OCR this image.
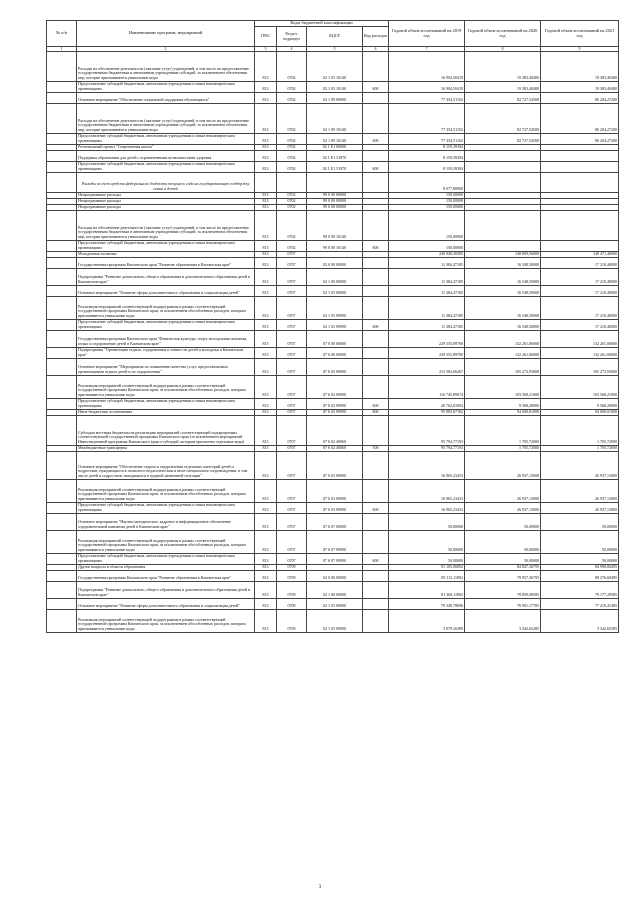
№ п/п	Наименование программ, мероприятий	Коды бюджетной классификации				Годовой объем ассигнований на 2019 год	Годовой объем ассигнований на 2020 год	Годовой объем ассигнований на 2021 год
		ГРБС	Раздел, подраздел	КЦСР	Вид расходов			
1	2	3	4	5	6	7	8	9
	Расходы на обеспечение деятельности (оказание услуг) учреждений, в том числе на предоставление государственным бюджетным и автономным учреждениям субсидий, за исключением обеспечения мер, которые присваиваются уникальные коды	813	0702	02 1 03 10140		16 904,50419	19 383,40400	19 383,40400
	Предоставление субсидий бюджетным, автономным учреждениям и иным некоммерческим организациям	813	0702	02 1 03 10140	600	16 904,50419	19 383,40400	19 383,40400
	Основное мероприятие "Обеспечение социальной поддержки обучающихся"	813	0702	02 1 09 00000		77 354,51102	82 727,54500	86 204,27200
	Расходы на обеспечение деятельности (оказание услуг) учреждений, в том числе на предоставление государственным бюджетным и автономным учреждениям субсидий, за исключением обеспечения мер, которые присваиваются уникальные коды	813	0702	02 1 09 10140		77 354,51102	82 727,54500	86 204,27200
	Предоставление субсидий бюджетным, автономным учреждениям и иным некоммерческим организациям	813	0702	02 1 09 10140	600	77 354,51102	82 727,54500	86 204,27200
	Региональный проект "Современная школа"	813	0702	02 1 E1 00000		8 159,39394		
	Поддержка образования для детей с ограниченными возможностями здоровья	813	0702	02 1 E1 51870		8 159,39394		
	Предоставление субсидий бюджетным, автономным учреждениям и иным некоммерческим организациям	813	0702	02 1 E1 51870	600	8 159,39394		
	Расходы за счет средств федерального бюджета текущего года на государственную поддержку семьи и детей					8 077,80000		
	Непрограммные расходы	813	0702	99 0 00 00000		150,00000		
	Непрограммные расходы	813	0702	99 0 00 00000		150,00000		
	Непрограммные расходы	813	0702	99 0 00 00000		150,00000		
	Расходы на обеспечение деятельности (оказание услуг) учреждений, в том числе на предоставление государственным бюджетным и автономным учреждениям субсидий, за исключением обеспечения мер, которые присваиваются уникальные коды	813	0702	99 0 00 10140		150,00000		
	Предоставление субсидий бюджетным, автономным учреждениям и иным некоммерческим организациям	813	0702	99 0 00 10140	600	150,00000		
	Молодежная политика	813	0707			240 940,36585	148 809,56000	149 471,46000
	Государственная программа Камчатского края "Развитие образования в Камчатском крае"	813	0707	02 0 00 00000		11 384,47185	16 548,50000	17 210,40000
	Подпрограмма "Развитие дошкольного, общего образования и дополнительного образования детей в Камчатском крае"	813	0707	02 1 00 00000		11 384,47185	16 548,50000	17 210,40000
	Основное мероприятие "Развитие сферы дополнительного образования и социализация детей"	813	0707	02 1 03 00000		11 384,47185	16 548,50000	17 210,40000
	Реализация мероприятий соответствующей подпрограммы в рамках соответствующей государственной программы Камчатского края, за исключением обособленных расходов, которым присваиваются уникальные коды	813	0707	02 1 03 09990		11 384,47185	16 548,50000	17 210,40000
	Предоставление субсидий бюджетным, автономным учреждениям и иным некоммерческим организациям	813	0707	02 1 03 09990	600	11 384,47185	16 548,50000	17 210,40000
	Государственная программа Камчатского края "Физическая культура, спорт, молодежная политика, отдых и оздоровление детей в Камчатском крае"	813	0707	07 0 00 00000		229 555,89700	132 261,06000	132 261,06000
	Подпрограмма "Организация отдыха, оздоровления и занятости детей и молодежи в Камчатском крае"	813	0707	07 6 00 00000		229 555,89700	132 261,06000	132 261,06000
	Основное мероприятие "Мероприятия по повышению качества услуг, предоставляемых организациями отдыха детей и их оздоровления"	813	0707	07 6 02 00000		213 582,66267	105 273,93000	105 273,93000
	Реализация мероприятий соответствующей подпрограммы в рамках соответствующей государственной программы Камчатского края, за исключением обособленных расходов, которым присваиваются уникальные коды	813	0707	07 6 02 09990		116 745,89074	103 568,21000	103 568,21000
	Предоставление субсидий бюджетным, автономным учреждениям и иным некоммерческим организациям	813	0707	07 6 02 09990	600	20 762,01894	9 568,20000	9 568,20000
	Иные бюджетные ассигнования	813	0707	07 6 02 09990	800	95 983,67182	94 000,01000	94 000,01000
	Субсидии местным бюджетам на реализацию мероприятий соответствующей подпрограммы соответствующей государственной программы Камчатского края (за исключением мероприятий Инвестиционной программы Камчатского края и субсидий, которым присвоены отдельные коды)	813	0707	07 6 02 40060		95 794,77193	1 705,72000	1 705,72000
	Межбюджетные трансферты	813	0707	07 6 02 40060	500	95 794,77193	1 705,72000	1 705,72000
	Основное мероприятие "Обеспечение отдыха и оздоровления отдельных категорий детей и подростков, нуждающихся в психолого-педагогическом и иное специальном сопровождении, в том числе детей и подростков, находящихся в трудной жизненной ситуации"	813	0707	07 6 03 00000		16 965,23433	26 937,13000	26 937,13000
	Реализация мероприятий соответствующей подпрограммы в рамках соответствующей государственной программы Камчатского края, за исключением обособленных расходов, которым присваиваются уникальные коды	813	0707	07 6 03 09990		16 965,23433	26 937,13000	26 937,13000
	Предоставление субсидий бюджетным, автономным учреждениям и иным некоммерческим организациям	813	0707	07 6 03 09990	600	16 965,23433	26 937,13000	26 937,13000
	Основное мероприятие "Научно-методическое, кадровое и информационное обеспечение оздоровительной кампании детей в Камчатском крае"	813	0707	07 6 07 00000		50,00000	50,00000	50,00000
	Реализация мероприятий соответствующей подпрограммы в рамках соответствующей государственной программы Камчатского края, за исключением обособленных расходов, которым присваиваются уникальные коды	813	0707	07 6 07 09990		50,00000	50,00000	50,00000
	Предоставление субсидий бюджетным, автономным учреждениям и иным некоммерческим организациям	813	0707	07 6 07 09990	600	50,00000	50,00000	50,00000
	Другие вопросы в области образования	813	0709			91 105,06892	84 847,36795	84 998,06495
	Государственная программа Камчатского края "Развитие образования в Камчатском крае"	813	0709	02 0 00 00000		85 113,11892	79 957,36795	80 276,60495
	Подпрограмма "Развитие дошкольного, общего образования и дополнительного образования детей в Камчатском крае"	813	0709	02 1 00 00000		81 368,11892	78 859,08585	79 177,29585
	Основное мероприятие "Развитие сферы дополнительного образования и социализация детей"	813	0709	02 1 03 00000		79 349,78696	76 901,17785	77 219,41485
	Реализация мероприятий соответствующей подпрограммы в рамках соответствующей государственной программы Камчатского края, за исключением обособленных расходов, которым присваиваются уникальные коды	813	0709	02 1 03 09990		3 079,16389	3 342,65285	3 342,65285
3
